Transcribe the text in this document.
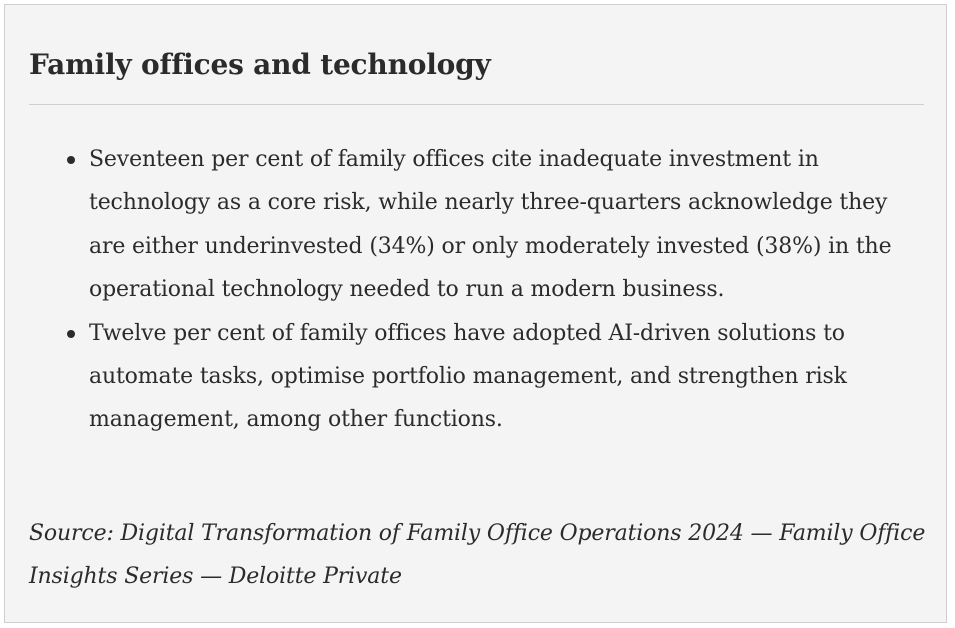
Family offices and technology
Seventeen per cent of family offices cite inadequate investment in technology as a core risk, while nearly three-quarters acknowledge they are either underinvested (34%) or only moderately invested (38%) in the operational technology needed to run a modern business.
Twelve per cent of family offices have adopted AI-driven solutions to automate tasks, optimise portfolio management, and strengthen risk management, among other functions.

Source: Digital Transformation of Family Office Operations 2024 — Family Office Insights Series — Deloitte Private
